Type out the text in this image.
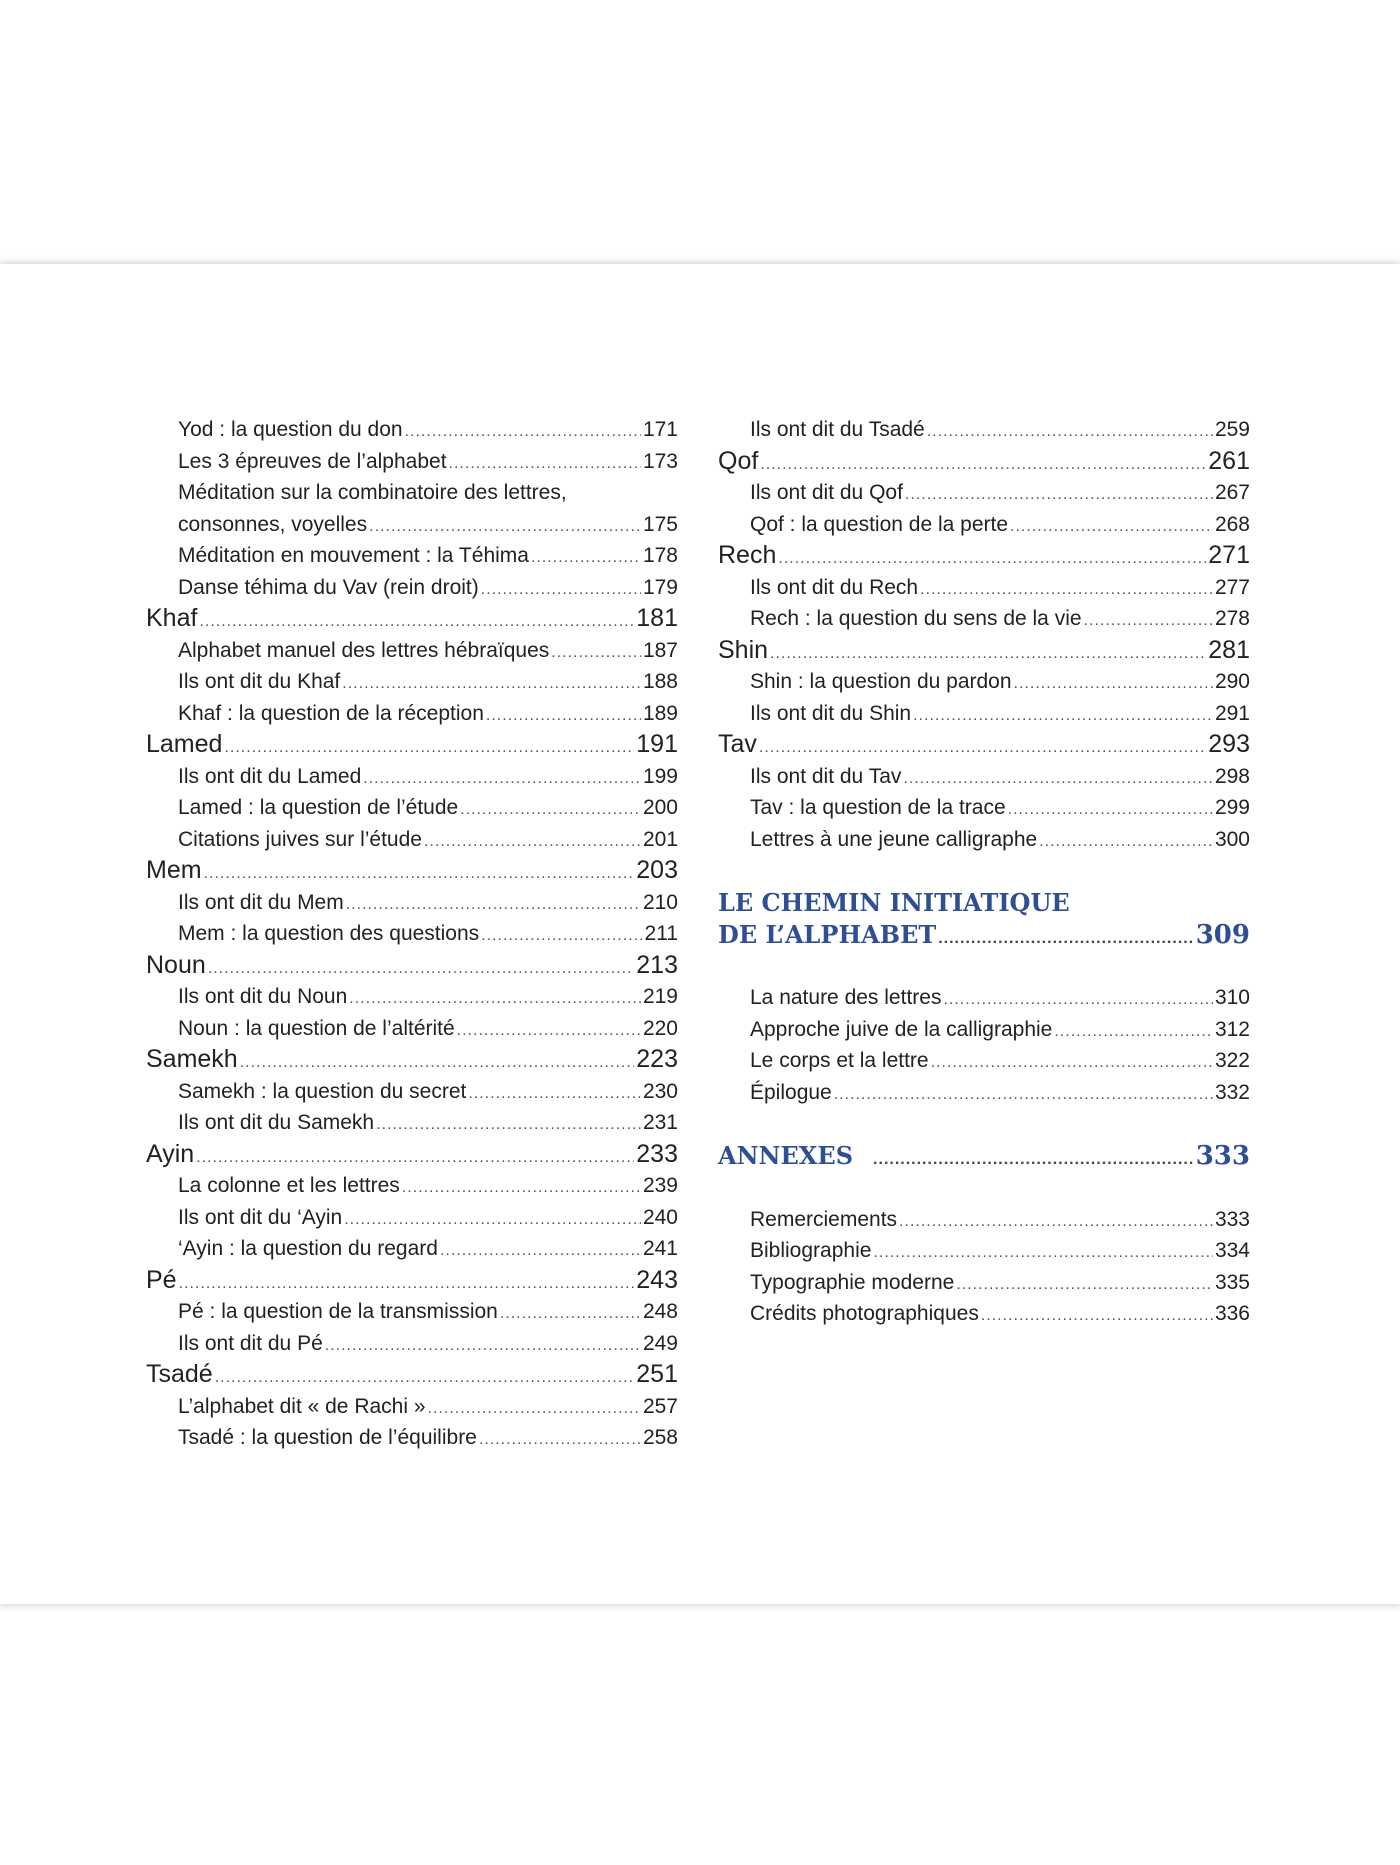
Yod : la question du don .....	171
Les 3 épreuves de l’alphabet .....	173
Méditation sur la combinatoire des lettres,
consonnes, voyelles .....	175
Méditation en mouvement : la Téhima .....	178
Danse téhima du Vav (rein droit) .....	179
Khaf .....	181
Alphabet manuel des lettres hébraïques .....	187
Ils ont dit du Khaf .....	188
Khaf : la question de la réception .....	189
Lamed .....	191
Ils ont dit du Lamed .....	199
Lamed : la question de l’étude .....	200
Citations juives sur l’étude .....	201
Mem .....	203
Ils ont dit du Mem .....	210
Mem : la question des questions .....	211
Noun .....	213
Ils ont dit du Noun .....	219
Noun : la question de l’altérité .....	220
Samekh .....	223
Samekh : la question du secret .....	230
Ils ont dit du Samekh .....	231
Ayin .....	233
La colonne et les lettres .....	239
Ils ont dit du ‘Ayin .....	240
‘Ayin : la question du regard .....	241
Pé .....	243
Pé : la question de la transmission .....	248
Ils ont dit du Pé .....	249
Tsadé .....	251
L’alphabet dit « de Rachi » .....	257
Tsadé : la question de l’équilibre .....	258
Ils ont dit du Tsadé .....	259
Qof .....	261
Ils ont dit du Qof .....	267
Qof : la question de la perte .....	268
Rech .....	271
Ils ont dit du Rech .....	277
Rech : la question du sens de la vie .....	278
Shin .....	281
Shin : la question du pardon .....	290
Ils ont dit du Shin .....	291
Tav .....	293
Ils ont dit du Tav .....	298
Tav : la question de la trace .....	299
Lettres à une jeune calligraphe .....	300
LE CHEMIN INITIATIQUE
DE L’ALPHABET .....	309
La nature des lettres .....	310
Approche juive de la calligraphie .....	312
Le corps et la lettre .....	322
Épilogue .....	332
ANNEXES .....	333
Remerciements .....	333
Bibliographie .....	334
Typographie moderne .....	335
Crédits photographiques .....	336
